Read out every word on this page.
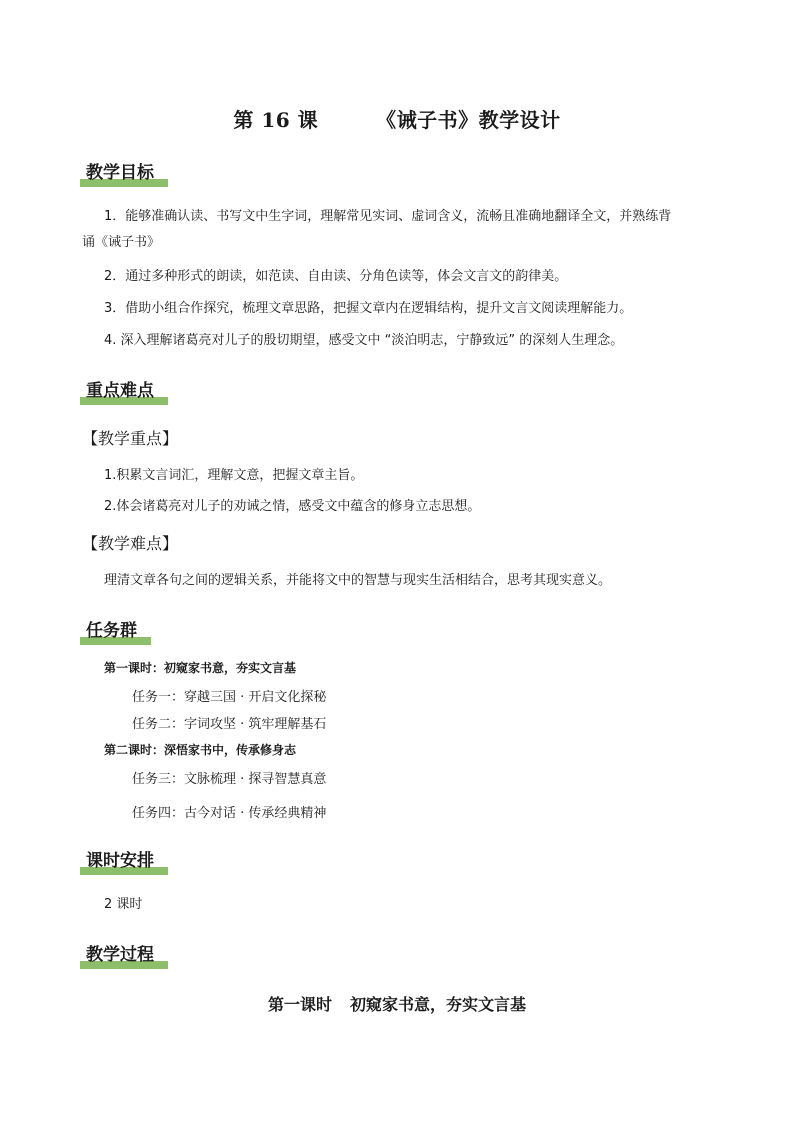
第 16 课	《诫子书》教学设计
教学目标
1．能够准确认读、书写文中生字词，理解常见实词、虚词含义，流畅且准确地翻译全文，并熟练背
诵《诫子书》
2．通过多种形式的朗读，如范读、自由读、分角色读等，体会文言文的韵律美。
3．借助小组合作探究，梳理文章思路，把握文章内在逻辑结构，提升文言文阅读理解能力。
4. 深入理解诸葛亮对儿子的殷切期望，感受文中 “淡泊明志，宁静致远” 的深刻人生理念。
重点难点
【教学重点】
1.积累文言词汇，理解文意，把握文章主旨。
2.体会诸葛亮对儿子的劝诫之情，感受文中蕴含的修身立志思想。
【教学难点】
理清文章各句之间的逻辑关系，并能将文中的智慧与现实生活相结合，思考其现实意义。
任务群
第一课时：初窥家书意，夯实文言基
任务一：穿越三国 · 开启文化探秘
任务二：字词攻坚 · 筑牢理解基石
第二课时：深悟家书中，传承修身志
任务三：文脉梳理 · 探寻智慧真意
任务四：古今对话 · 传承经典精神
课时安排
2 课时
教学过程
第一课时 初窥家书意，夯实文言基
